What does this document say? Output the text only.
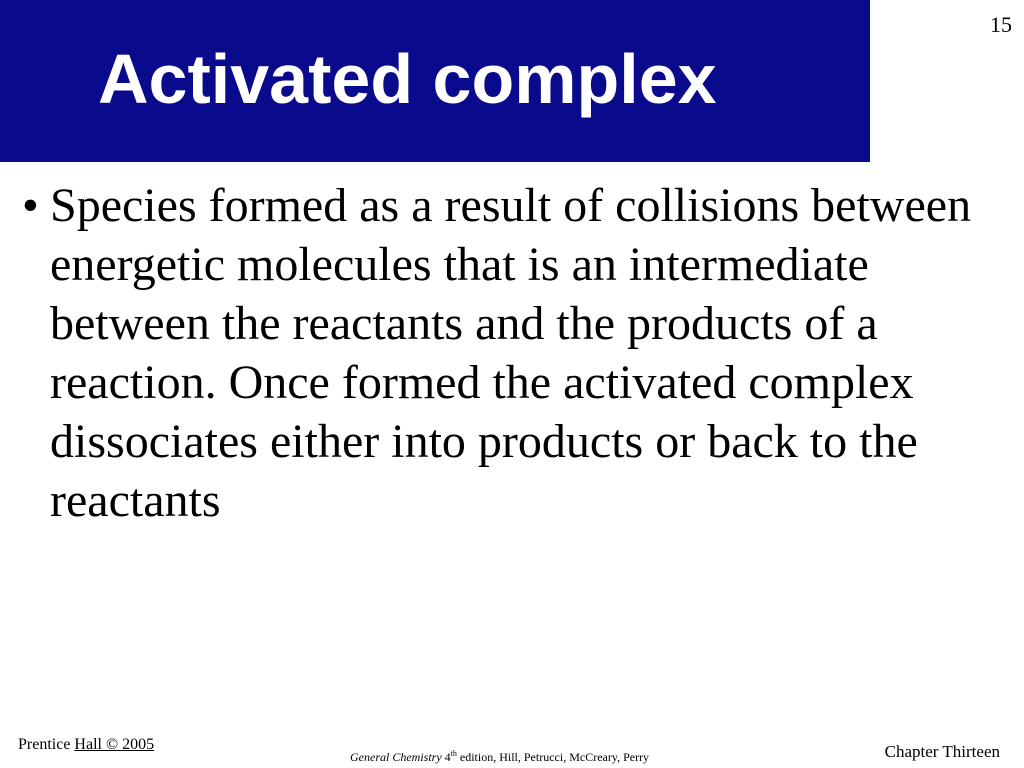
Activated complex
15
• Species formed as a result of collisions between energetic molecules that is an intermediate between the reactants and the products of a reaction. Once formed the activated complex dissociates either into products or back to the reactants
Prentice Hall © 2005
General Chemistry 4th edition, Hill, Petrucci, McCreary, Perry	Chapter Thirteen
